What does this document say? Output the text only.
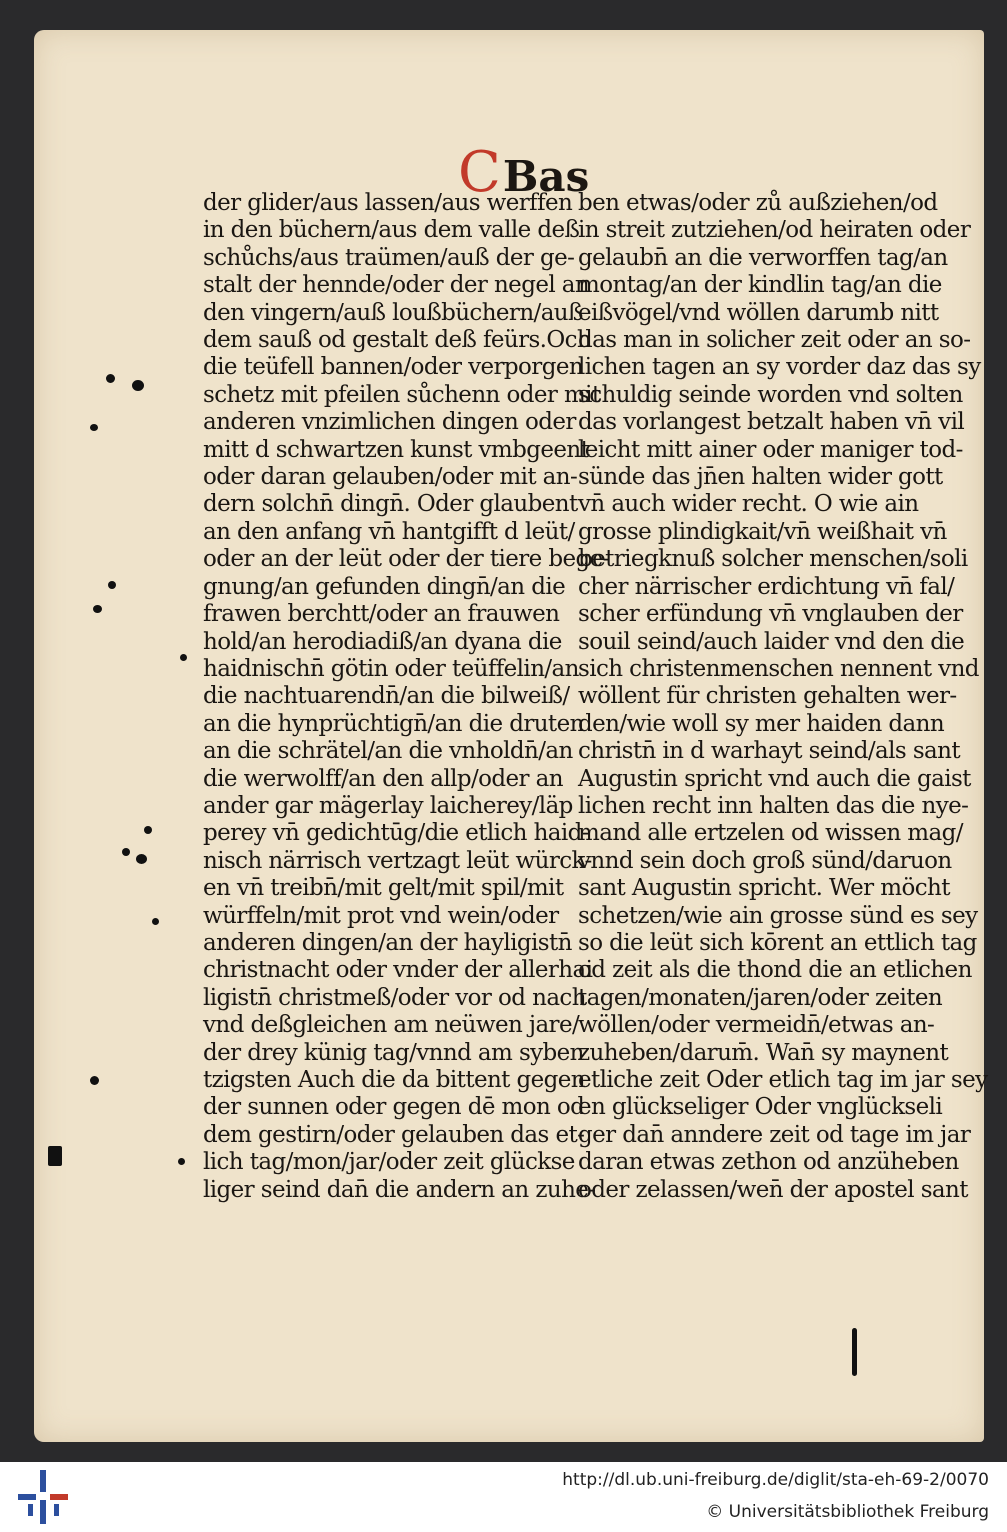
CBas
der glider/aus lassen/aus werffen
in den büchern/aus dem valle deß
schůchs/aus traümen/auß der ge-
stalt der hennde/oder der negel an
den vingern/auß loußbüchern/auß
dem sauß od gestalt deß feürs.Och
die teüfell bannen/oder verporgen
schetz mit pfeilen sůchenn oder mit
anderen vnzimlichen dingen oder
mitt d schwartzen kunst vmbgeent
oder daran gelauben/oder mit an-
dern solchn̄ dingn̄. Oder glaubent
an den anfang vn̄ hantgifft d leüt/
oder an der leüt oder der tiere bege-
gnung/an gefunden dingn̄/an die
frawen berchtt/oder an frauwen
hold/an herodiadiß/an dyana die
haidnischn̄ götin oder teüffelin/an
die nachtuarendn̄/an die bilweiß/
an die hynprüchtign̄/an die druten
an die schrätel/an die vnholdn̄/an
die werwolff/an den allp/oder an
ander gar mägerlay laicherey/läp
perey vn̄ gedichtūg/die etlich haid-
nisch närrisch vertzagt leüt würck-
en vn̄ treibn̄/mit gelt/mit spil/mit
würffeln/mit prot vnd wein/oder
anderen dingen/an der hayligistn̄
christnacht oder vnder der allerhai
ligistn̄ christmeß/oder vor od nach
vnd deßgleichen am neüwen jare/
der drey künig tag/vnnd am syben
tzigsten Auch die da bittent gegen
der sunnen oder gegen dē mon od
dem gestirn/oder gelauben das et-
lich tag/mon/jar/oder zeit glückse
liger seind dan̄ die andern an zuhe-
ben etwas/oder zů außziehen/od
in streit zutziehen/od heiraten oder
gelaubn̄ an die verworffen tag/an
montag/an der kindlin tag/an die
eißvögel/vnd wöllen darumb nitt
das man in solicher zeit oder an so-
lichen tagen an sy vorder daz das sy
schuldig seinde worden vnd solten
das vorlangest betzalt haben vn̄ vil
leicht mitt ainer oder maniger tod-
sünde das jn̄en halten wider gott
vn̄ auch wider recht. O wie ain
grosse plindigkait/vn̄ weißhait vn̄
betriegknuß solcher menschen/soli
cher närrischer erdichtung vn̄ fal/
scher erfündung vn̄ vnglauben der
souil seind/auch laider vnd den die
sich christenmenschen nennent vnd
wöllent für christen gehalten wer-
den/wie woll sy mer haiden dann
christn̄ in d warhayt seind/als sant
Augustin spricht vnd auch die gaist
lichen recht inn halten das die nye-
mand alle ertzelen od wissen mag/
vnnd sein doch groß sünd/daruon
sant Augustin spricht. Wer möcht
schetzen/wie ain grosse sünd es sey
so die leüt sich kōrent an ettlich tag
od zeit als die thond die an etlichen
tagen/monaten/jaren/oder zeiten
wöllen/oder vermeidn̄/etwas an-
zuheben/darum̄. Wan̄ sy maynent
etliche zeit Oder etlich tag im jar sey
en glückseliger Oder vnglückseli
ger dan̄ anndere zeit od tage im jar
daran etwas zethon od anzüheben
oder zelassen/wen̄ der apostel sant
http://dl.ub.uni-freiburg.de/diglit/sta-eh-69-2/0070
© Universitätsbibliothek Freiburg
